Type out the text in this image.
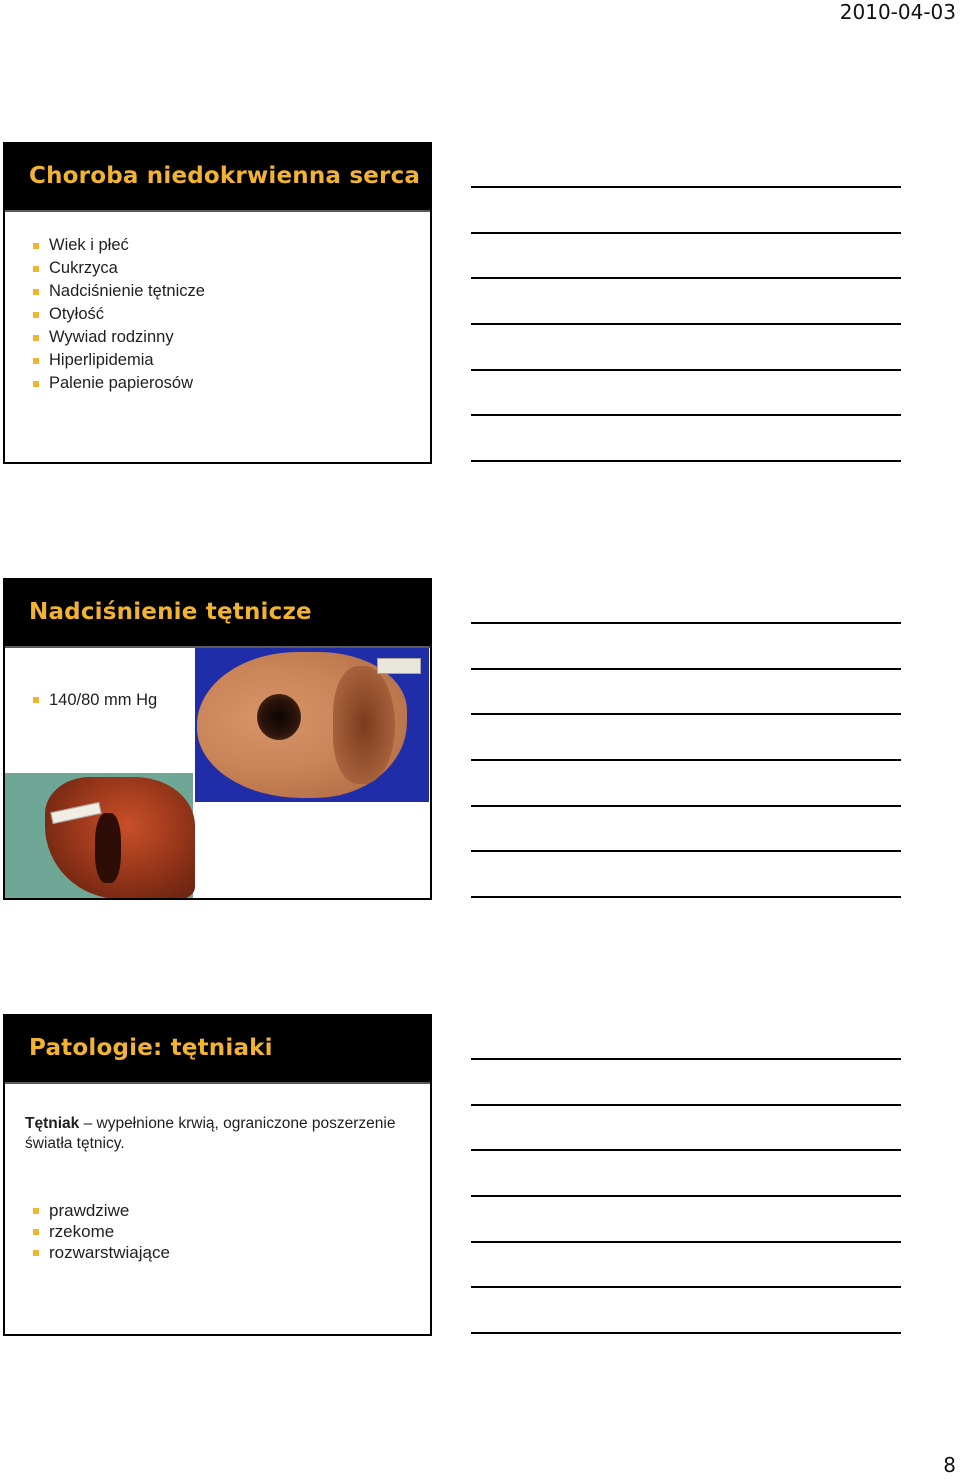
2010-04-03
Choroba niedokrwienna serca
Wiek i płeć
Cukrzyca
Nadciśnienie tętnicze
Otyłość
Wywiad rodzinny
Hiperlipidemia
Palenie papierosów
Nadciśnienie tętnicze
140/80 mm Hg
Patologie: tętniaki
Tętniak – wypełnione krwią, ograniczone poszerzenie światła tętnicy.
prawdziwe
rzekome
rozwarstwiające
8
